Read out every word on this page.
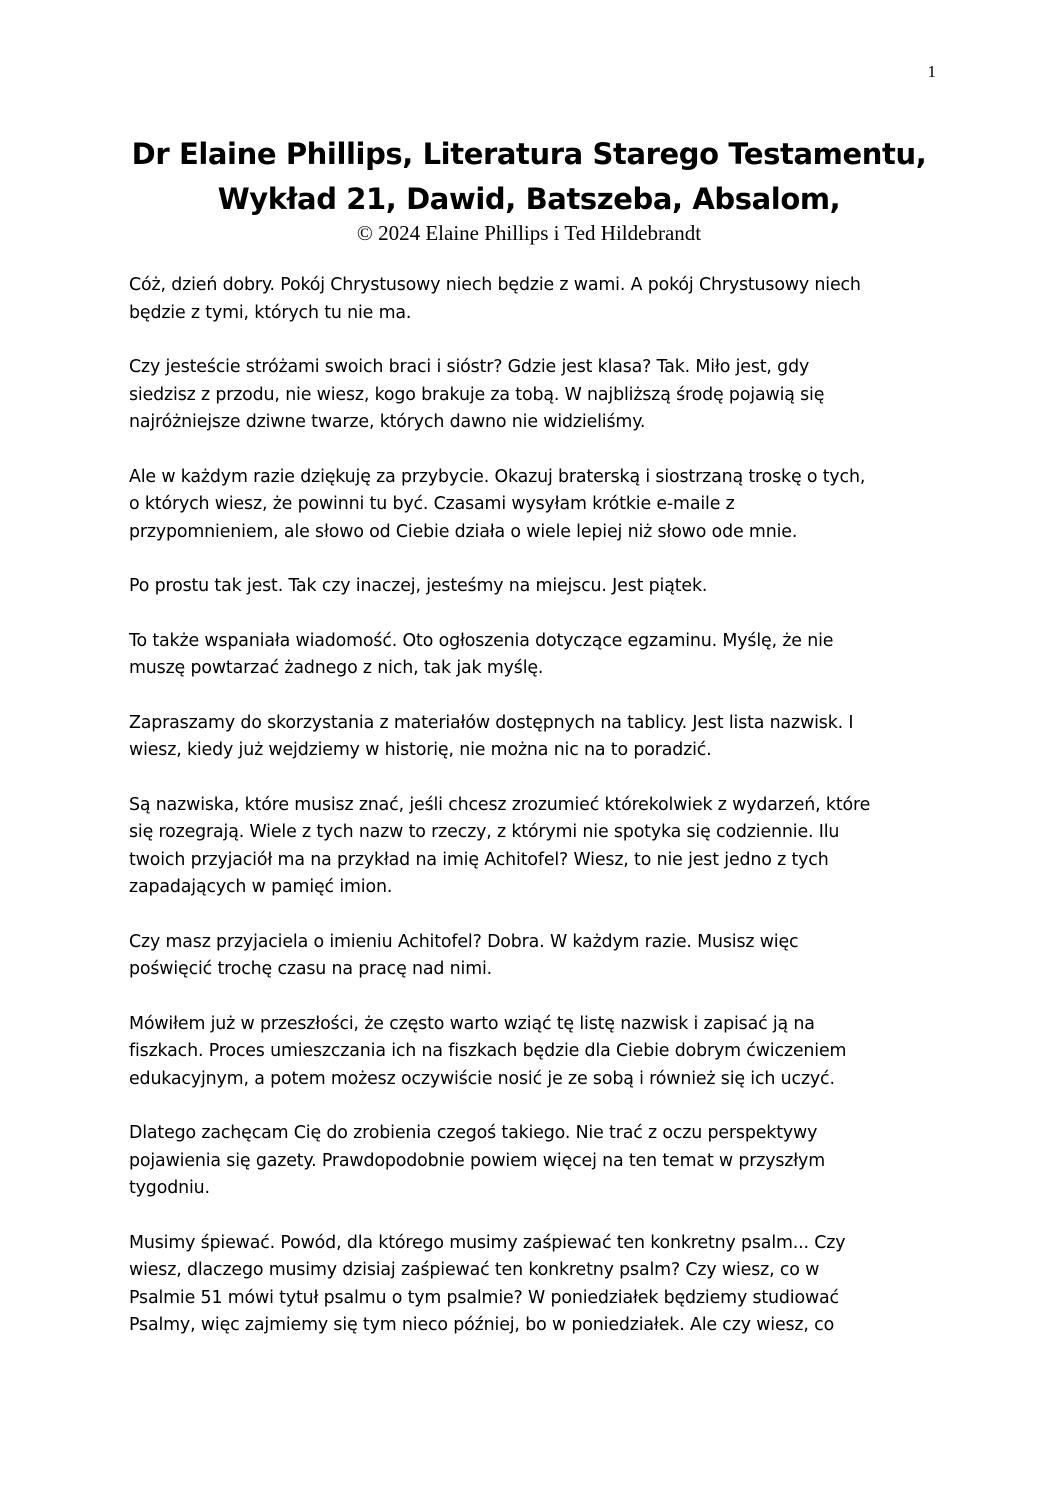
1
Dr Elaine Phillips, Literatura Starego Testamentu,
Wykład 21, Dawid, Batszeba, Absalom,
© 2024 Elaine Phillips i Ted Hildebrandt

Cóż, dzień dobry. Pokój Chrystusowy niech będzie z wami. A pokój Chrystusowy niech
będzie z tymi, których tu nie ma.

Czy jesteście stróżami swoich braci i sióstr? Gdzie jest klasa? Tak. Miło jest, gdy
siedzisz z przodu, nie wiesz, kogo brakuje za tobą. W najbliższą środę pojawią się
najróżniejsze dziwne twarze, których dawno nie widzieliśmy.

Ale w każdym razie dziękuję za przybycie. Okazuj braterską i siostrzaną troskę o tych,
o których wiesz, że powinni tu być. Czasami wysyłam krótkie e-maile z
przypomnieniem, ale słowo od Ciebie działa o wiele lepiej niż słowo ode mnie.

Po prostu tak jest. Tak czy inaczej, jesteśmy na miejscu. Jest piątek.

To także wspaniała wiadomość. Oto ogłoszenia dotyczące egzaminu. Myślę, że nie
muszę powtarzać żadnego z nich, tak jak myślę.

Zapraszamy do skorzystania z materiałów dostępnych na tablicy. Jest lista nazwisk. I
wiesz, kiedy już wejdziemy w historię, nie można nic na to poradzić.

Są nazwiska, które musisz znać, jeśli chcesz zrozumieć którekolwiek z wydarzeń, które
się rozegrają. Wiele z tych nazw to rzeczy, z którymi nie spotyka się codziennie. Ilu
twoich przyjaciół ma na przykład na imię Achitofel? Wiesz, to nie jest jedno z tych
zapadających w pamięć imion.

Czy masz przyjaciela o imieniu Achitofel? Dobra. W każdym razie. Musisz więc
poświęcić trochę czasu na pracę nad nimi.

Mówiłem już w przeszłości, że często warto wziąć tę listę nazwisk i zapisać ją na
fiszkach. Proces umieszczania ich na fiszkach będzie dla Ciebie dobrym ćwiczeniem
edukacyjnym, a potem możesz oczywiście nosić je ze sobą i również się ich uczyć.

Dlatego zachęcam Cię do zrobienia czegoś takiego. Nie trać z oczu perspektywy
pojawienia się gazety. Prawdopodobnie powiem więcej na ten temat w przyszłym
tygodniu.

Musimy śpiewać. Powód, dla którego musimy zaśpiewać ten konkretny psalm... Czy
wiesz, dlaczego musimy dzisiaj zaśpiewać ten konkretny psalm? Czy wiesz, co w
Psalmie 51 mówi tytuł psalmu o tym psalmie? W poniedziałek będziemy studiować
Psalmy, więc zajmiemy się tym nieco później, bo w poniedziałek. Ale czy wiesz, co
